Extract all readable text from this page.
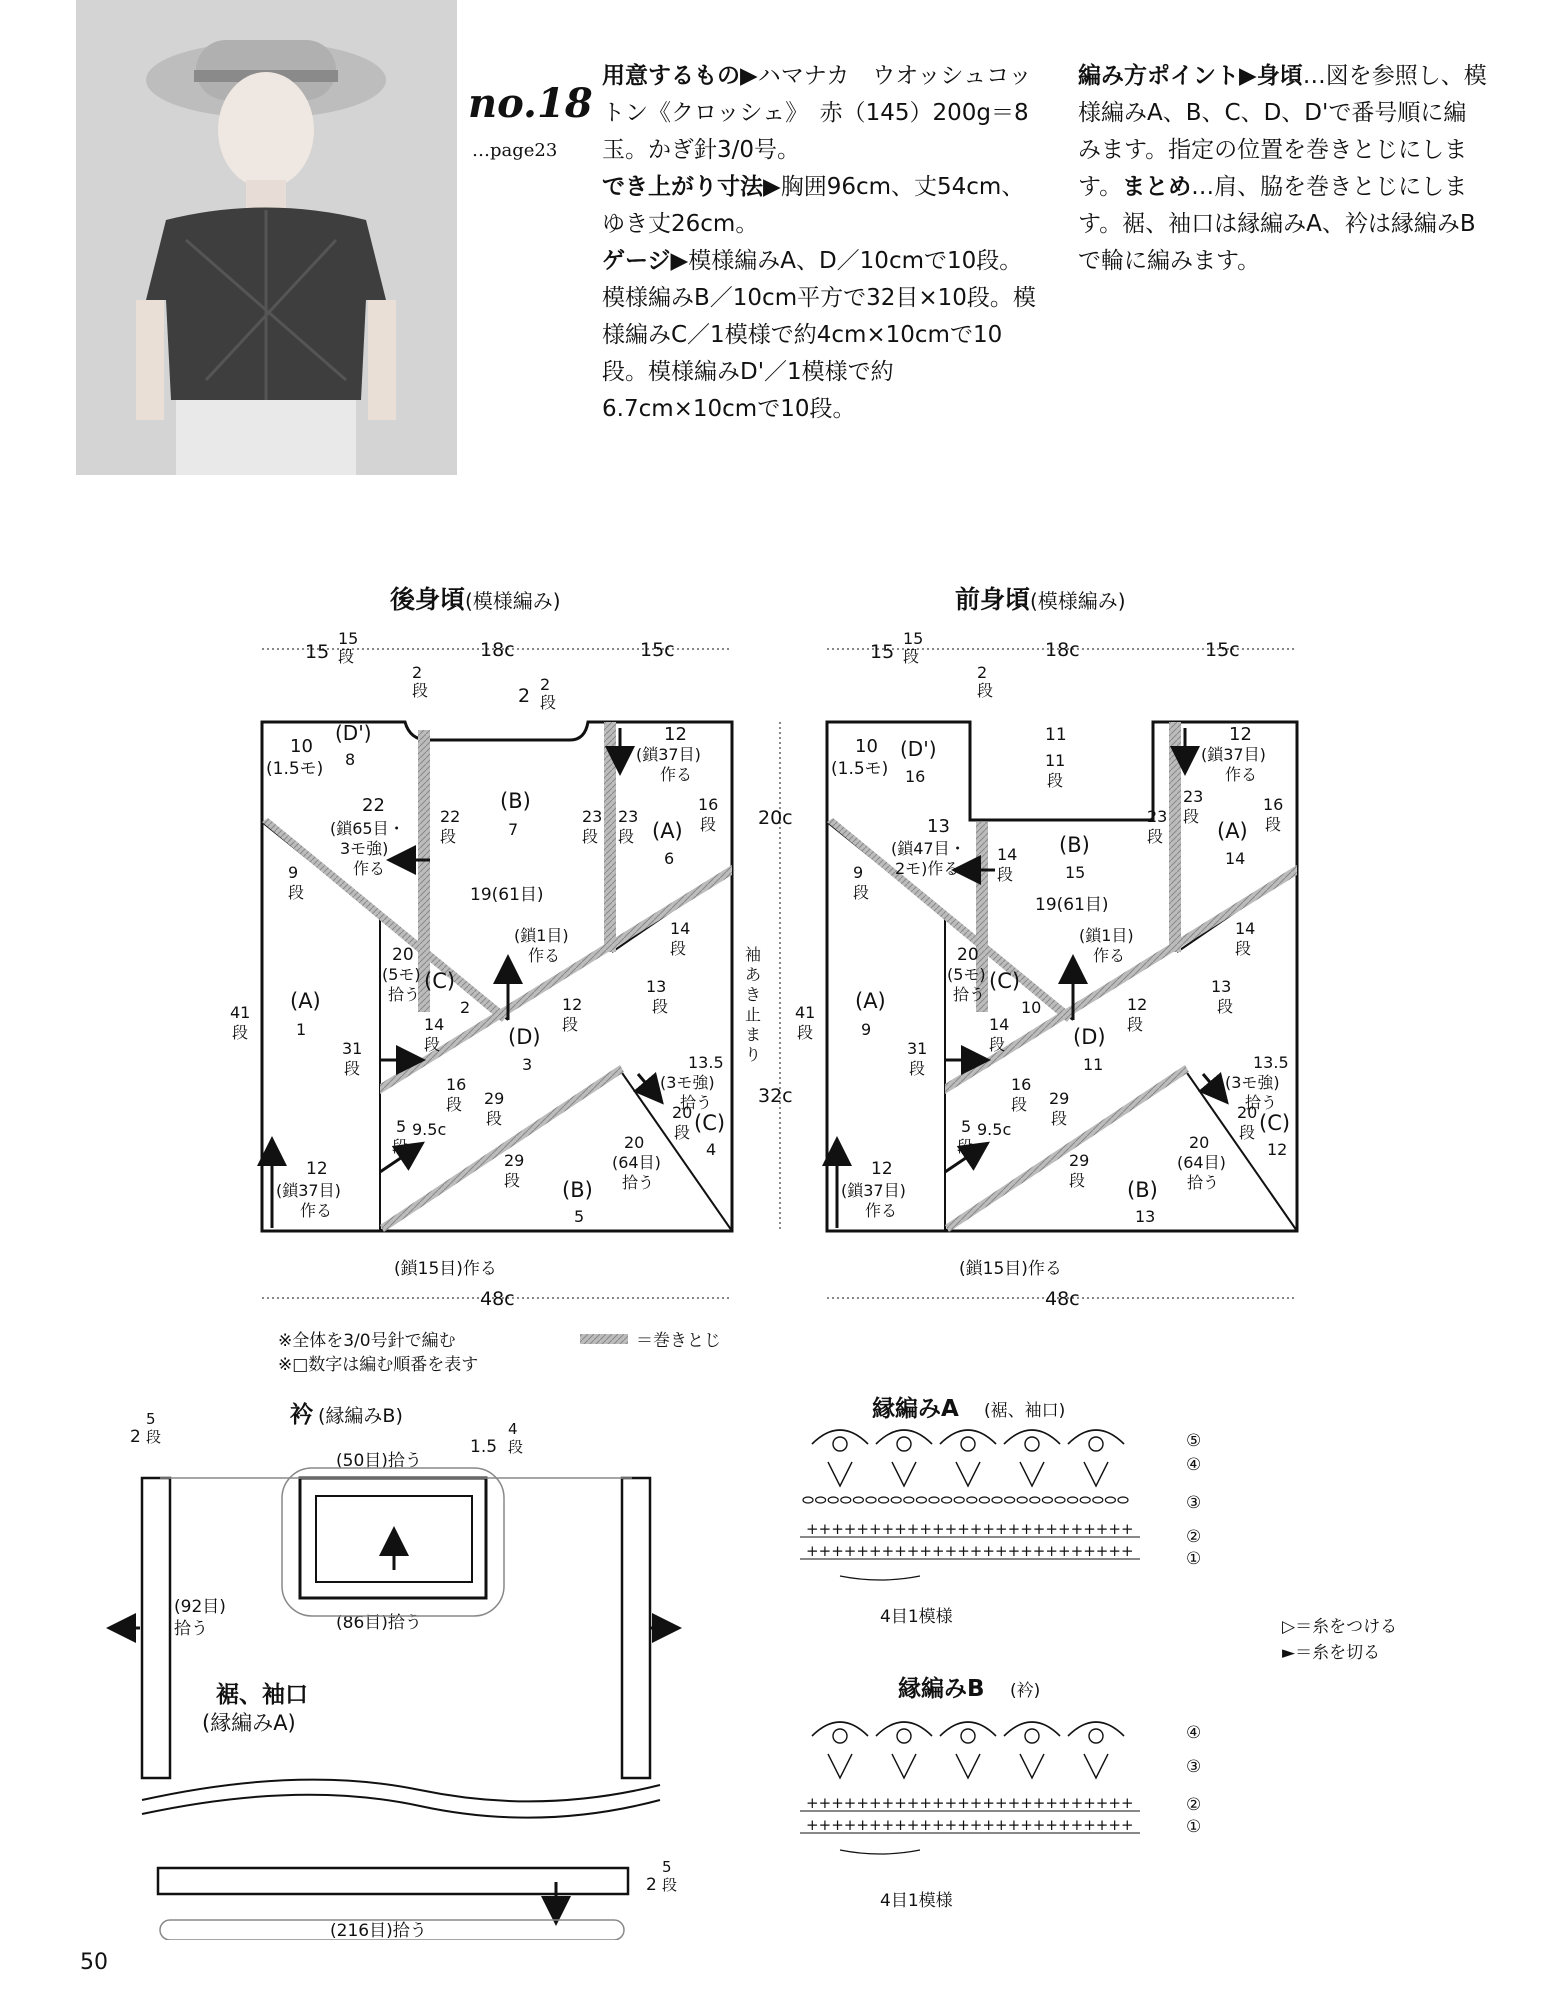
no.18
…page23
用意するもの▶ハマナカ　ウオッシュコットン《クロッシェ》　赤（145）200g＝8玉。かぎ針3/0号。
でき上がり寸法▶胸囲96cm、丈54cm、ゆき丈26cm。
ゲージ▶模様編みA、D／10cmで10段。模様編みB／10cm平方で32目×10段。模様編みC／1模様で約4cm×10cmで10段。模様編みD'／1模様で約6.7cm×10cmで10段。
編み方ポイント▶身頃…図を参照し、模様編みA、B、C、D、D'で番号順に編みます。指定の位置を巻きとじにします。まとめ…肩、脇を巻きとじにします。裾、袖口は縁編みA、衿は縁編みBで輪に編みます。
後身頃 (模様編み)
15
15
段	18c	15c
2
段	2
2
段
(D')
8
10
(1.5モ)
(B)
7	(A)
6
(A)
1
(C)
2
(D)
3
(C)
4
(B)
5
22
(鎖65目・
3モ強)
作る
22
段
23
段
23
段
12
(鎖37目)
作る
16
段
9
段	19(61目)
(鎖1目)
作る
14
段
20
(5モ)
拾う
14
段
12
段
13
段
13.5
(3モ強)
拾う
41
段
31
段
16
段 29
段	20
段
5
段
9.5c
29
段
20
(64目)
拾う
12
(鎖37目)
作る
(鎖15目)作る
48c
20c
32c
袖
あ
き
止
ま
り
前身頃 (模様編み)
15
15
段	18c	15c
2
段
11
11
段
(D')
16
10
(1.5モ)
(B)
15
(A)
14
(A)
9
(C)
10
(D)
11
(C)
12
(B)
13
13
(鎖47目・
2モ)作る
14
段
23
段
23
段
12
(鎖37目)
作る
16
段
9
段
19(61目)
(鎖1目)
作る
14
段
20
(5モ)
拾う
14
段
12
段
13
段
13.5
(3モ強)
拾う
41
段
31
段
16
段 29
段	20
段
5
段
9.5c
29
段
20
(64目)
拾う
12
(鎖37目)
作る
(鎖15目)作る
48c
※全体を3/0号針で編む
※□数字は編む順番を表す
＝巻きとじ
衿 (縁編みB)
2
5
段	1.5
4
段
(50目)拾う
(86目)拾う
(92目)
拾う
裾、袖口
(縁編みA)
2
5
段
(216目)拾う
縁編みA (裾、袖口)
+ + + + + + + + + + + + + + + + + + + + + + + + + +
+ + + + + + + + + + + + + + + + + + + + + + + + + +
⑤
④
③
②
①
4目1模様	▷＝糸をつける
►＝糸を切る
縁編みB (衿)
+ + + + + + + + + + + + + + + + + + + + + + + + + +
+ + + + + + + + + + + + + + + + + + + + + + + + + +
④
③
②
①
4目1模様
50
